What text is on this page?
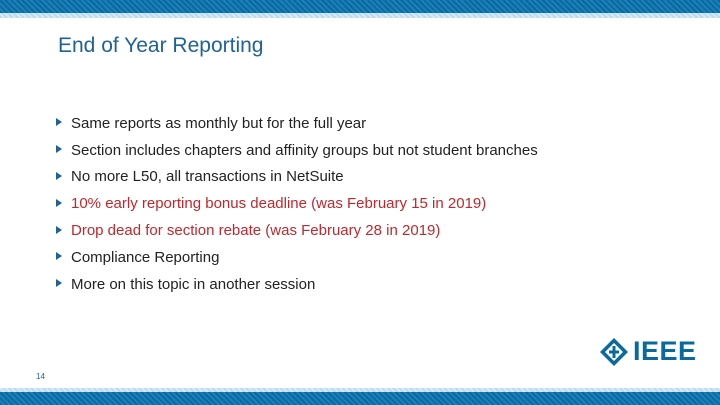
End of Year Reporting
Same reports as monthly but for the full year
Section includes chapters and affinity groups but not student branches
No more L50, all transactions in NetSuite
10% early reporting bonus deadline (was February 15 in 2019)
Drop dead for section rebate (was February 28 in 2019)
Compliance Reporting
More on this topic in another session
IEEE
14
